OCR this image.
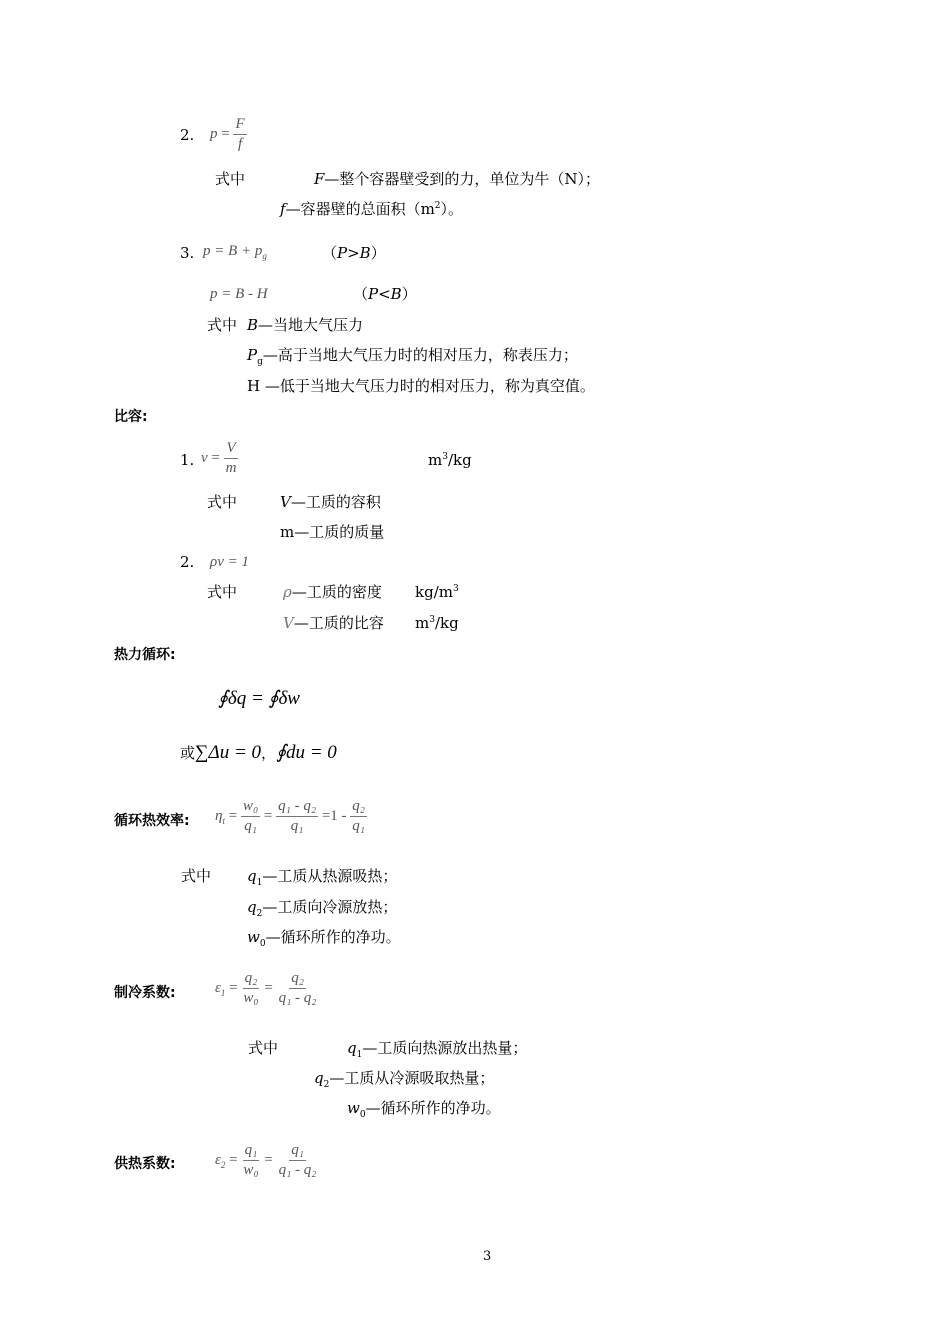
2. $p = \frac{F}{f}$
式中	F—整个容器壁受到的力，单位为牛（N）；
f—容器壁的总面积$(m^2)$。
3. $p = B + p_g$	（P>B）
p = B - H	（P<B）
式中 B—当地大气压力
$P_g—$高于当地大气压力时的相对压力，称表压力；
H —低于当地大气压力时的相对压力，称为真空值。
比容:
1. $v = \frac{V}{m}$	$m^3/kg$
式中	V—工质的容积
m—工质的质量
2. ρv = 1
式中	ρ—工质的密度 $kg/m^3$
V—工质的比容 $m^3/kg$
热力循环:
∮δq = ∮δw
或∑Δu = 0，∮du = 0
循环热效率: $\eta_t = \frac{\text{w₀}}{\text{q₁}} = \frac{\text{q₁ - q₂}}{\text{q₁}} =1 - \frac{\text{q₂}}{\text{q₁}}$
式中 $q_1—$工质从热源吸热；
$q_2—$工质向冷源放热；
$w_0—$循环所作的净功。
制冷系数:	$\varepsilon_1 = \frac{\text{q₂}}{\text{w₀}} = \frac{\text{q₂}}{\text{q₁ - q₂}}$
式中	$q_1—$工质向热源放出热量；
$q_2—$工质从冷源吸取热量；
$w_0—$循环所作的净功。
供热系数:	$\varepsilon_2 = \frac{\text{q₁}}{\text{w₀}} = \frac{\text{q₁}}{\text{q₁ - q₂}}$
3
